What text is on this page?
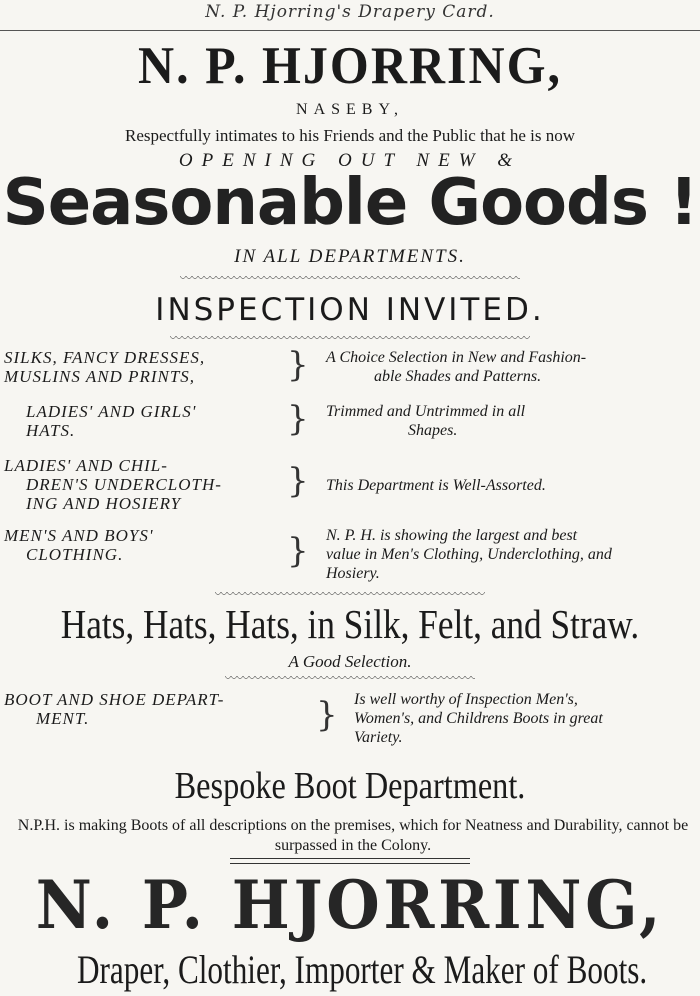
N. P. Hjorring's Drapery Card.
N. P. HJORRING,
NASEBY,
Respectfully intimates to his Friends and the Public that he is now
OPENING OUT NEW &
Seasonable Goods !
IN ALL DEPARTMENTS.
INSPECTION INVITED.
SILKS, FANCY DRESSES,
MUSLINS AND PRINTS,	} A Choice Selection in New and Fashion-
able Shades and Patterns.
LADIES' AND GIRLS'
HATS.	} Trimmed and Untrimmed in all
Shapes.
LADIES' AND CHIL-
DREN'S UNDERCLOTH-
ING AND HOSIERY
} This Department is Well-Assorted.
MEN'S AND BOYS'
CLOTHING.	} N. P. H. is showing the largest and best
value in Men's Clothing, Underclothing, and
Hosiery.
Hats, Hats, Hats, in Silk, Felt, and Straw.
A Good Selection.
BOOT AND SHOE DEPART-
MENT.	} Is well worthy of Inspection Men's,
Women's, and Childrens Boots in great
Variety.
Bespoke Boot Department.
N.P.H. is making Boots of all descriptions on the premises, which for Neatness and Durability, cannot be surpassed in the Colony.
N. P. HJORRING,
Draper, Clothier, Importer & Maker of Boots.
